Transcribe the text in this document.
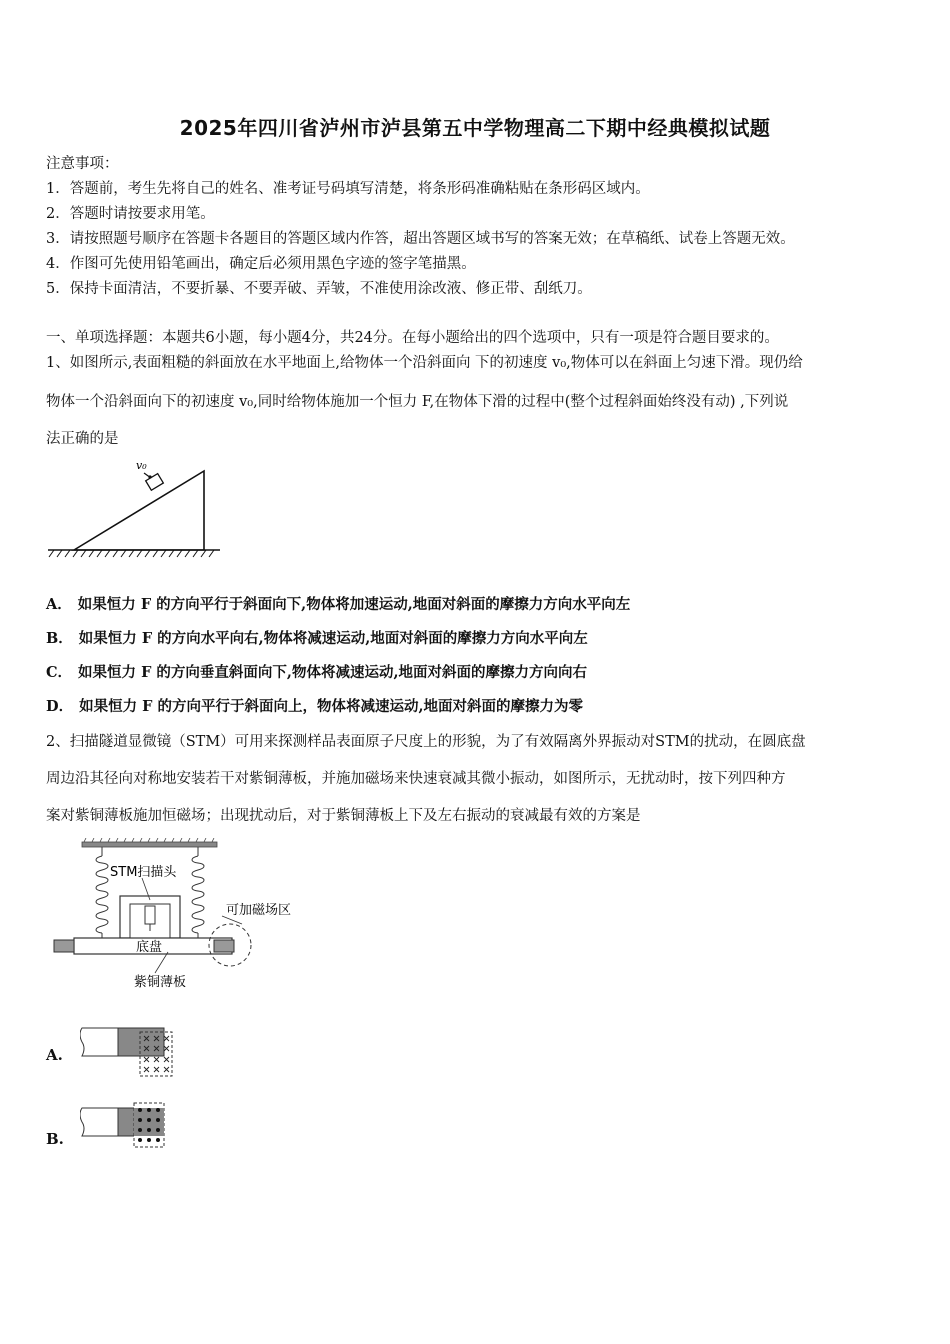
2025年四川省泸州市泸县第五中学物理高二下期中经典模拟试题
注意事项：
1．答题前，考生先将自己的姓名、准考证号码填写清楚，将条形码准确粘贴在条形码区域内。
2．答题时请按要求用笔。
3．请按照题号顺序在答题卡各题目的答题区域内作答，超出答题区域书写的答案无效；在草稿纸、试卷上答题无效。
4．作图可先使用铅笔画出，确定后必须用黑色字迹的签字笔描黑。
5．保持卡面清洁，不要折暴、不要弄破、弄皱，不准使用涂改液、修正带、刮纸刀。
一、单项选择题：本题共6小题，每小题4分，共24分。在每小题给出的四个选项中，只有一项是符合题目要求的。
1、如图所示,表面粗糙的斜面放在水平地面上,给物体一个沿斜面向 下的初速度 v₀,物体可以在斜面上匀速下滑。现仍给
物体一个沿斜面向下的初速度 v₀,同时给物体施加一个恒力 F,在物体下滑的过程中(整个过程斜面始终没有动) ,下列说
法正确的是
v₀
A． 如果恒力 F 的方向平行于斜面向下,物体将加速运动,地面对斜面的摩擦力方向水平向左
B． 如果恒力 F 的方向水平向右,物体将减速运动,地面对斜面的摩擦力方向水平向左
C． 如果恒力 F 的方向垂直斜面向下,物体将减速运动,地面对斜面的摩擦力方向向右
D． 如果恒力 F 的方向平行于斜面向上，物体将减速运动,地面对斜面的摩擦力为零
2、扫描隧道显微镜（STM）可用来探测样品表面原子尺度上的形貌，为了有效隔离外界振动对STM的扰动，在圆底盘
周边沿其径向对称地安装若干对紫铜薄板，并施加磁场来快速衰减其微小振动，如图所示，无扰动时，按下列四种方
案对紫铜薄板施加恒磁场；出现扰动后，对于紫铜薄板上下及左右振动的衰减最有效的方案是
STM扫描头
可加磁场区
底盘
紫铜薄板
A.
B.
